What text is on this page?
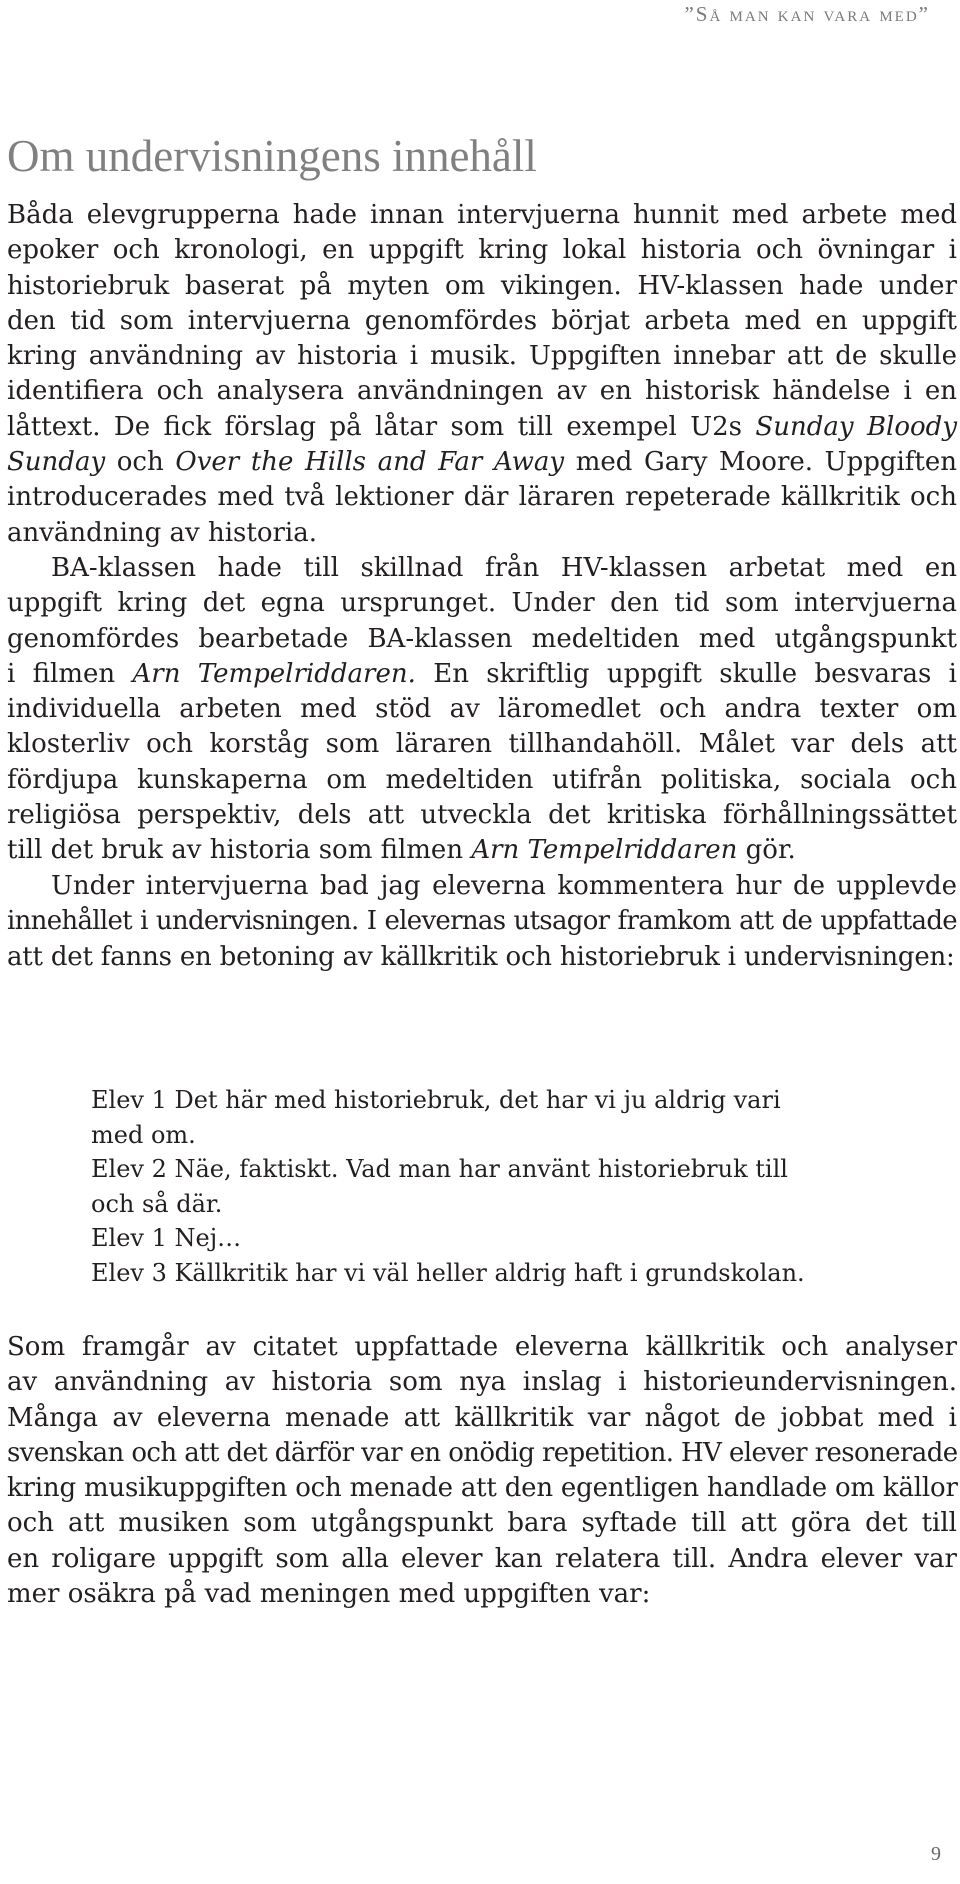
”Så man kan vara med”
Om undervisningens innehåll
Båda elevgrupperna hade innan intervjuerna hunnit med arbete med
epoker och kronologi, en uppgift kring lokal historia och övningar i
historiebruk baserat på myten om vikingen. HV-klassen hade under
den tid som intervjuerna genomfördes börjat arbeta med en uppgift
kring användning av historia i musik. Uppgiften innebar att de skulle
identifiera och analysera användningen av en historisk händelse i en
låttext. De fick förslag på låtar som till exempel U2s Sunday Bloody
Sunday och Over the Hills and Far Away med Gary Moore. Uppgiften
introducerades med två lektioner där läraren repeterade källkritik och
användning av historia.
BA-klassen hade till skillnad från HV-klassen arbetat med en
uppgift kring det egna ursprunget. Under den tid som intervjuerna
genomfördes bearbetade BA-klassen medeltiden med utgångspunkt
i filmen Arn Tempelriddaren. En skriftlig uppgift skulle besvaras i
individuella arbeten med stöd av läromedlet och andra texter om
klosterliv och korståg som läraren tillhandahöll. Målet var dels att
fördjupa kunskaperna om medeltiden utifrån politiska, sociala och
religiösa perspektiv, dels att utveckla det kritiska förhållningssättet
till det bruk av historia som filmen Arn Tempelriddaren gör.
Under intervjuerna bad jag eleverna kommentera hur de upplevde
innehållet i undervisningen. I elevernas utsagor framkom att de uppfattade
att det fanns en betoning av källkritik och historiebruk i undervisningen:
Elev 1 Det här med historiebruk, det har vi ju aldrig vari
med om.
Elev 2 Näe, faktiskt. Vad man har använt historiebruk till
och så där.
Elev 1 Nej…
Elev 3 Källkritik har vi väl heller aldrig haft i grundskolan.
Som framgår av citatet uppfattade eleverna källkritik och analyser
av användning av historia som nya inslag i historieundervisningen.
Många av eleverna menade att källkritik var något de jobbat med i
svenskan och att det därför var en onödig repetition. HV elever resonerade
kring musikuppgiften och menade att den egentligen handlade om källor
och att musiken som utgångspunkt bara syftade till att göra det till
en roligare uppgift som alla elever kan relatera till. Andra elever var
mer osäkra på vad meningen med uppgiften var:
9
